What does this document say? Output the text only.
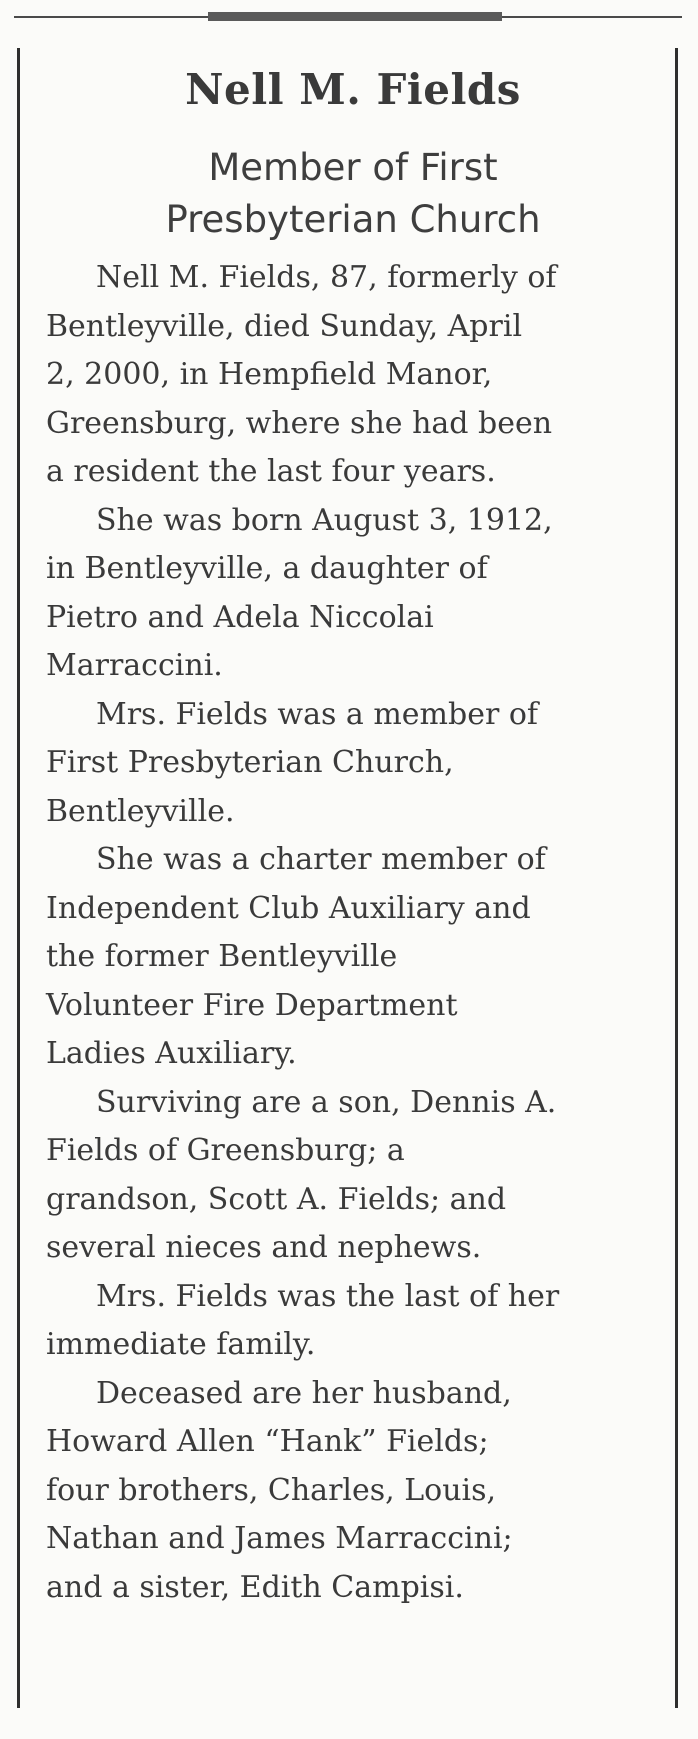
Nell M. Fields
Member of First
Presbyterian Church
Nell M. Fields, 87, formerly of
Bentleyville, died Sunday, April
2, 2000, in Hempfield Manor,
Greensburg, where she had been
a resident the last four years.
She was born August 3, 1912,
in Bentleyville, a daughter of
Pietro and Adela Niccolai
Marraccini.
Mrs. Fields was a member of
First Presbyterian Church,
Bentleyville.
She was a charter member of
Independent Club Auxiliary and
the former Bentleyville
Volunteer Fire Department
Ladies Auxiliary.
Surviving are a son, Dennis A.
Fields of Greensburg; a
grandson, Scott A. Fields; and
several nieces and nephews.
Mrs. Fields was the last of her
immediate family.
Deceased are her husband,
Howard Allen “Hank” Fields;
four brothers, Charles, Louis,
Nathan and James Marraccini;
and a sister, Edith Campisi.
